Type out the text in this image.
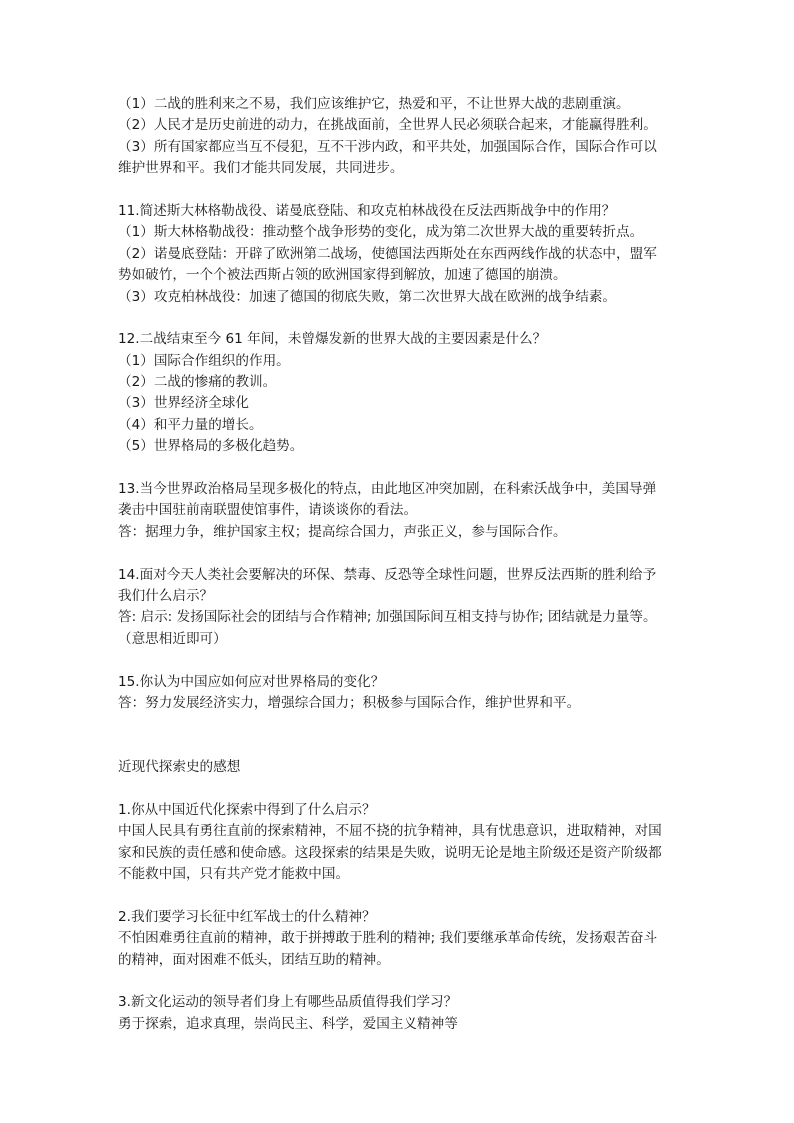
（1）二战的胜利来之不易，我们应该维护它，热爱和平，不让世界大战的悲剧重演。
（2）人民才是历史前进的动力，在挑战面前，全世界人民必须联合起来，才能赢得胜利。
（3）所有国家都应当互不侵犯，互不干涉内政，和平共处，加强国际合作，国际合作可以
维护世界和平。我们才能共同发展，共同进步。
11.简述斯大林格勒战役、诺曼底登陆、和攻克柏林战役在反法西斯战争中的作用？
（1）斯大林格勒战役：推动整个战争形势的变化，成为第二次世界大战的重要转折点。
（2）诺曼底登陆：开辟了欧洲第二战场，使德国法西斯处在东西两线作战的状态中，盟军
势如破竹，一个个被法西斯占领的欧洲国家得到解放，加速了德国的崩溃。
（3）攻克柏林战役：加速了德国的彻底失败，第二次世界大战在欧洲的战争结素。
12.二战结束至今 61 年间，未曾爆发新的世界大战的主要因素是什么？
（1）国际合作组织的作用。
（2）二战的惨痛的教训。
（3）世界经济全球化
（4）和平力量的增长。
（5）世界格局的多极化趋势。
13.当今世界政治格局呈现多极化的特点，由此地区冲突加剧，在科索沃战争中，美国导弹
袭击中国驻前南联盟使馆事件，请谈谈你的看法。
答：据理力争，维护国家主权；提高综合国力，声张正义，参与国际合作。
14.面对今天人类社会要解决的环保、禁毒、反恐等全球性问题，世界反法西斯的胜利给予
我们什么启示？
答: 启示: 发扬国际社会的团结与合作精神; 加强国际间互相支持与协作; 团结就是力量等。
（意思相近即可）
15.你认为中国应如何应对世界格局的变化？
答：努力发展经济实力，增强综合国力；积极参与国际合作，维护世界和平。
近现代探索史的感想
1.你从中国近代化探索中得到了什么启示？
中国人民具有勇往直前的探索精神，不屈不挠的抗争精神，具有忧患意识，进取精神，对国
家和民族的责任感和使命感。这段探索的结果是失败，说明无论是地主阶级还是资产阶级都
不能救中国，只有共产党才能救中国。
2.我们要学习长征中红军战士的什么精神？
不怕困难勇往直前的精神，敢于拼搏敢于胜利的精神; 我们要继承革命传统，发扬艰苦奋斗
的精神，面对困难不低头，团结互助的精神。
3.新文化运动的领导者们身上有哪些品质值得我们学习？
勇于探索，追求真理，崇尚民主、科学，爱国主义精神等
